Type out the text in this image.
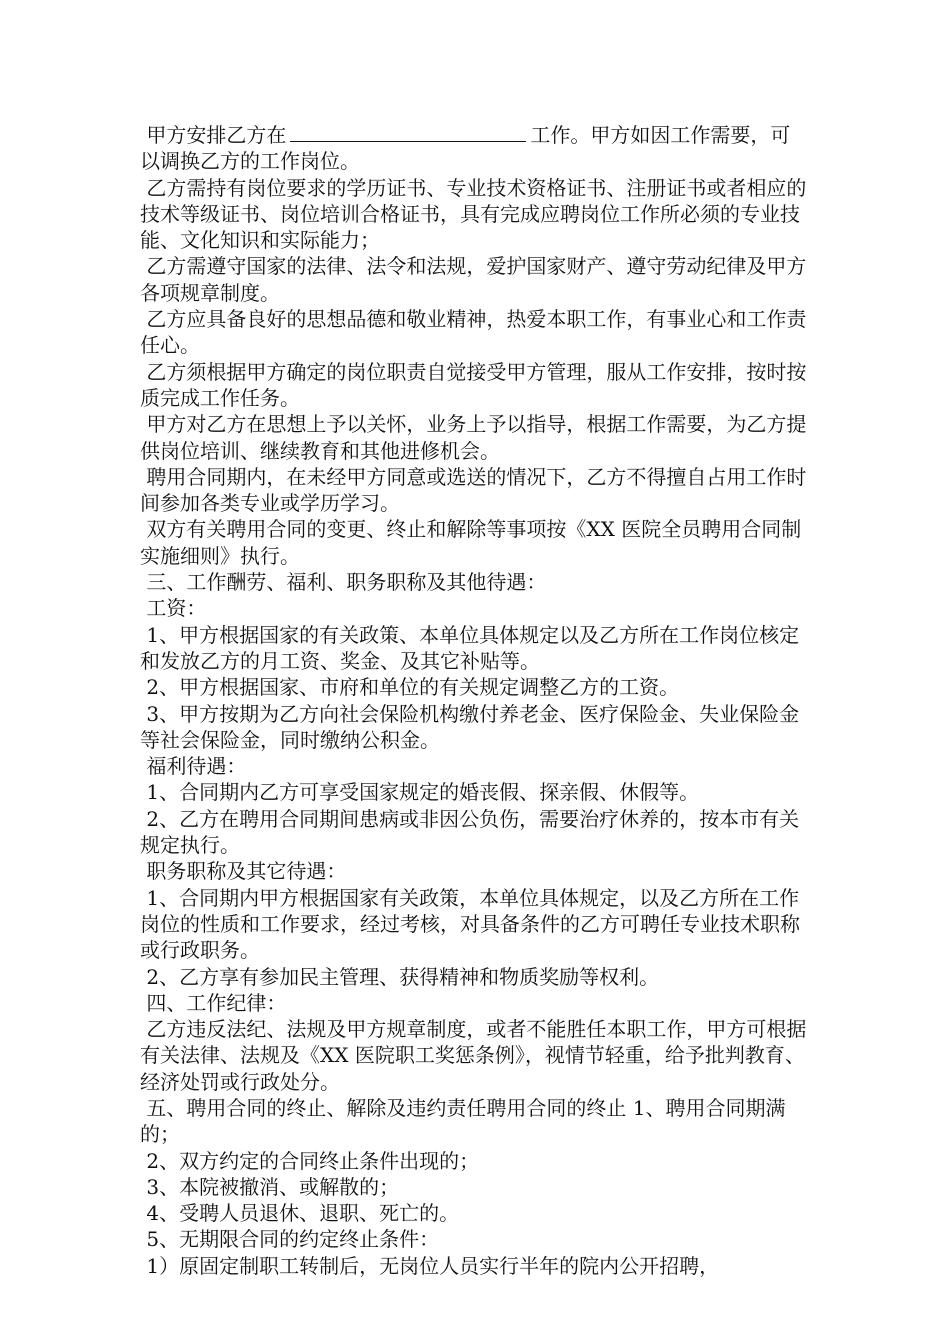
甲方安排乙方在	工作。甲方如因工作需要，可以调换乙方的工作岗位。

乙方需持有岗位要求的学历证书、专业技术资格证书、注册证书或者相应的技术等级证书、岗位培训合格证书，具有完成应聘岗位工作所必须的专业技能、文化知识和实际能力；

乙方需遵守国家的法律、法令和法规，爱护国家财产、遵守劳动纪律及甲方各项规章制度。

乙方应具备良好的思想品德和敬业精神，热爱本职工作，有事业心和工作责任心。

乙方须根据甲方确定的岗位职责自觉接受甲方管理，服从工作安排，按时按质完成工作任务。

甲方对乙方在思想上予以关怀，业务上予以指导，根据工作需要，为乙方提供岗位培训、继续教育和其他进修机会。

聘用合同期内，在未经甲方同意或选送的情况下，乙方不得擅自占用工作时间参加各类专业或学历学习。

双方有关聘用合同的变更、终止和解除等事项按《XX 医院全员聘用合同制实施细则》执行。

三、工作酬劳、福利、职务职称及其他待遇：

工资：

1、甲方根据国家的有关政策、本单位具体规定以及乙方所在工作岗位核定和发放乙方的月工资、奖金、及其它补贴等。

2、甲方根据国家、市府和单位的有关规定调整乙方的工资。

3、甲方按期为乙方向社会保险机构缴付养老金、医疗保险金、失业保险金等社会保险金，同时缴纳公积金。

福利待遇：

1、合同期内乙方可享受国家规定的婚丧假、探亲假、休假等。

2、乙方在聘用合同期间患病或非因公负伤，需要治疗休养的，按本市有关规定执行。

职务职称及其它待遇：

1、合同期内甲方根据国家有关政策，本单位具体规定，以及乙方所在工作岗位的性质和工作要求，经过考核，对具备条件的乙方可聘任专业技术职称或行政职务。

2、乙方享有参加民主管理、获得精神和物质奖励等权利。

四、工作纪律：

乙方违反法纪、法规及甲方规章制度，或者不能胜任本职工作，甲方可根据有关法律、法规及《XX 医院职工奖惩条例》，视情节轻重，给予批判教育、经济处罚或行政处分。

五、聘用合同的终止、解除及违约责任聘用合同的终止 1、聘用合同期满的；

2、双方约定的合同终止条件出现的；

3、本院被撤消、或解散的；

4、受聘人员退休、退职、死亡的。

5、无期限合同的约定终止条件：

1）原固定制职工转制后，无岗位人员实行半年的院内公开招聘，
